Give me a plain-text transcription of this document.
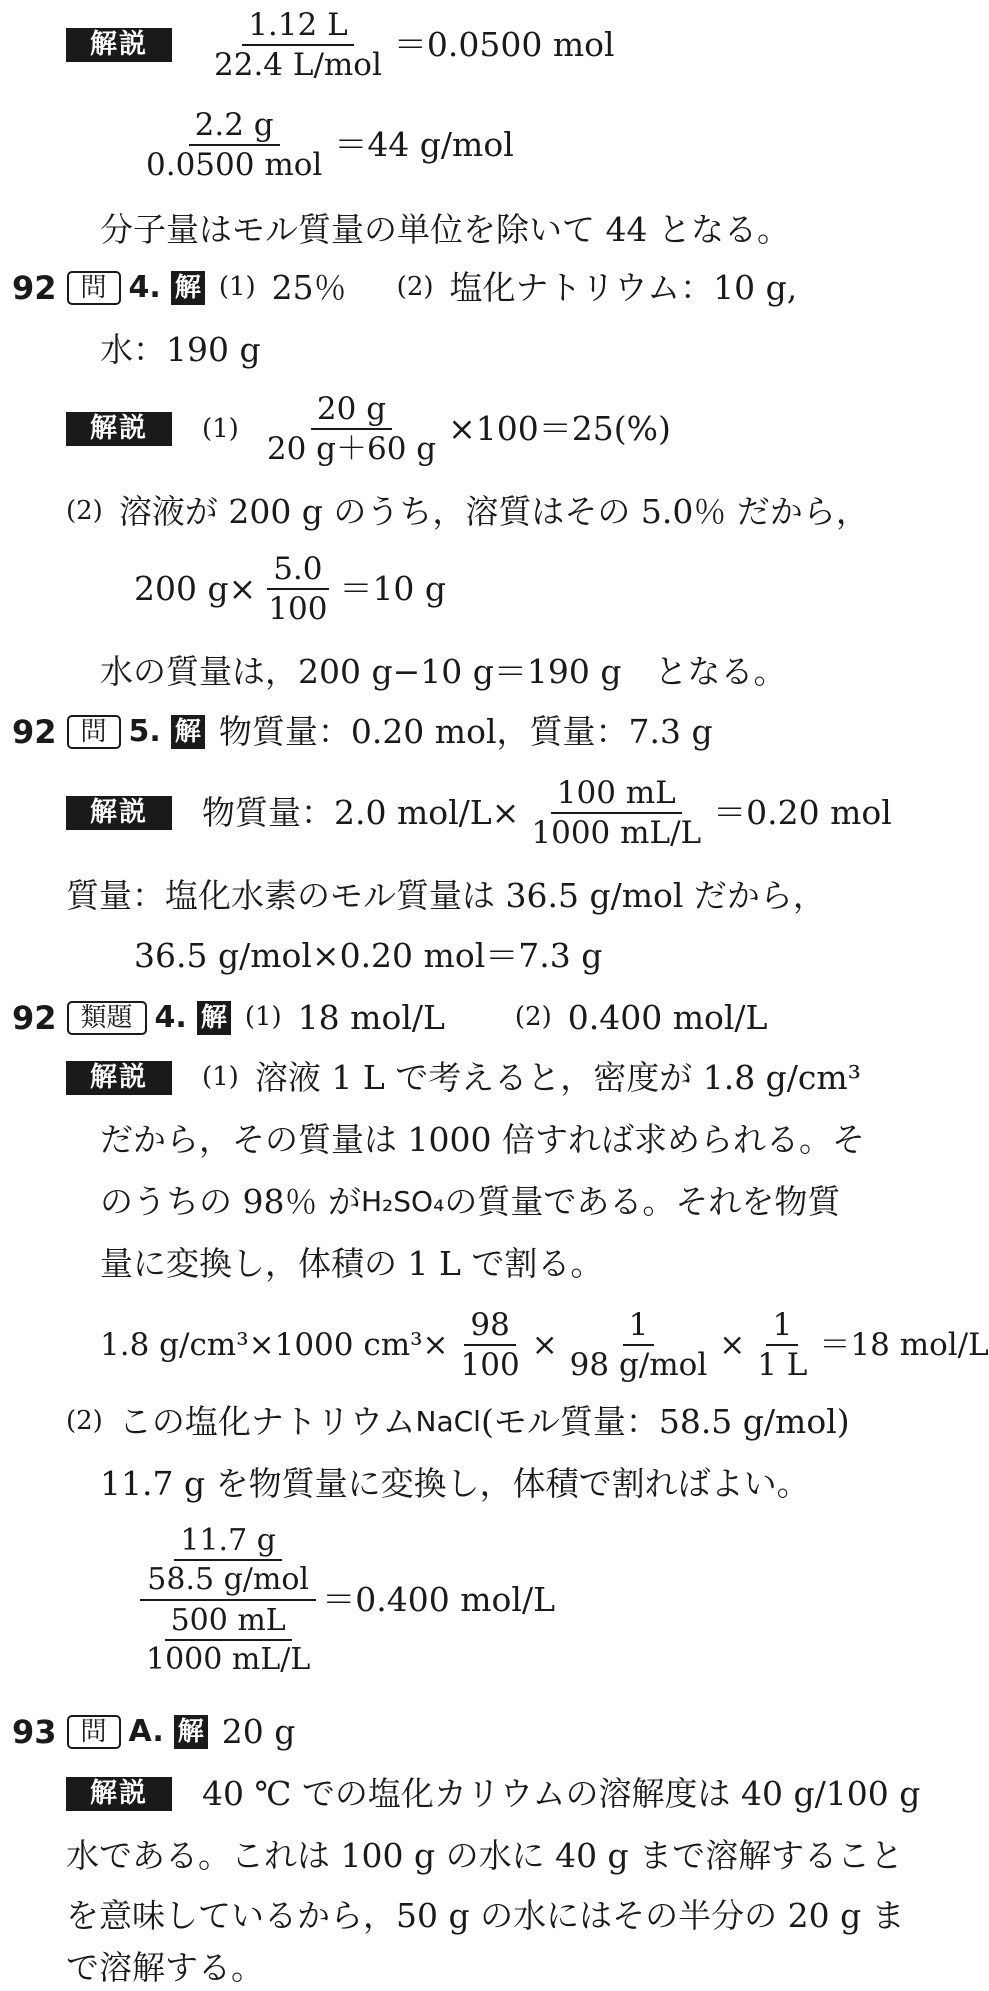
解説	$\frac{1.12 L}{\text{22.4 L/mol}} =0.0500$ mol
$\frac{2.2 g}{\text{0.0500 mol}} =44$ g/mol
分子量はモル質量の単位を除いて 44 となる。
92 問 4. 解 (1) 25％ (2) 塩化ナトリウム：10 g,
水：190 g
解説	$(1) \frac{20 g}{20 g+60 g} \times 100=25(\%)$
(2) 溶液が 200 g のうち，溶質はその 5.0％ だから，
200 $g\times \frac{5.0}{100} =10$ g
水の質量は，200 g−10 g＝190 g　となる。
92 問 5. 解 物質量：0.20 mol，質量：7.3 g
解説	物質量：2.0 $mol/L\times \frac{100 mL}{1000 mL/L} =0.20$ mol
質量：塩化水素のモル質量は 36.5 g/mol だから，
36.5 g/mol×0.20 mol＝7.3 g
92 類題 4. 解 (1) 18 mol/L	(2) 0.400 mol/L
解説	(1) 溶液 1 L で考えると，密度が 1.8 g/cm³
だから，その質量は 1000 倍すれば求められる。そ
のうちの 98％ が H₂SO₄ の質量である。それを物質
量に変換し，体積の 1 L で割る。
1.8 g/cm³×1000 $cm^3\times \frac{98}{100} \times \frac{1}{\text{98 g/mol}} \times \frac{1}{1 L} =18$ mol/L
(2) この塩化ナトリウム NaCl (モル質量：58.5 g/mol)
11.7 g を物質量に変換し，体積で割ればよい。
11.7 g
58.5 g/mol
500 mL
1000 mL/L ＝0.400 mol/L
93 問 A. 解 20 g
解説	40 ℃ での塩化カリウムの溶解度は 40 g/100 g
水である。これは 100 g の水に 40 g まで溶解すること
を意味しているから，50 g の水にはその半分の 20 g ま
で溶解する。
